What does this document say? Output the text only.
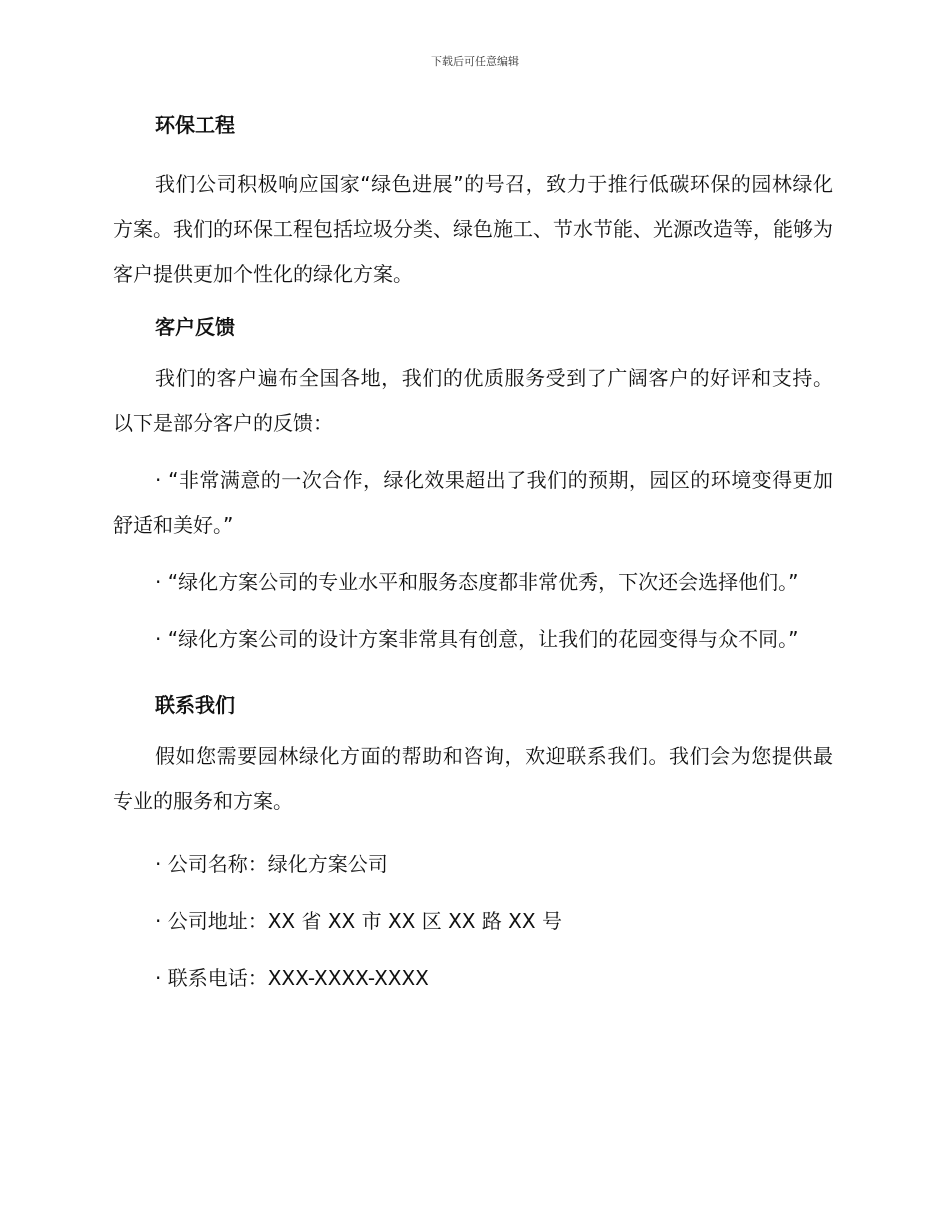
下载后可任意编辑
环保工程

我们公司积极响应国家“绿色进展”的号召，致力于推行低碳环保的园林绿化方案。我们的环保工程包括垃圾分类、绿色施工、节水节能、光源改造等，能够为客户提供更加个性化的绿化方案。

客户反馈

我们的客户遍布全国各地，我们的优质服务受到了广阔客户的好评和支持。以下是部分客户的反馈：

· “非常满意的一次合作，绿化效果超出了我们的预期，园区的环境变得更加舒适和美好。”

· “绿化方案公司的专业水平和服务态度都非常优秀，下次还会选择他们。”

· “绿化方案公司的设计方案非常具有创意，让我们的花园变得与众不同。”

联系我们

假如您需要园林绿化方面的帮助和咨询，欢迎联系我们。我们会为您提供最专业的服务和方案。

· 公司名称：绿化方案公司

· 公司地址：XX 省 XX 市 XX 区 XX 路 XX 号

· 联系电话：XXX-XXXX-XXXX
